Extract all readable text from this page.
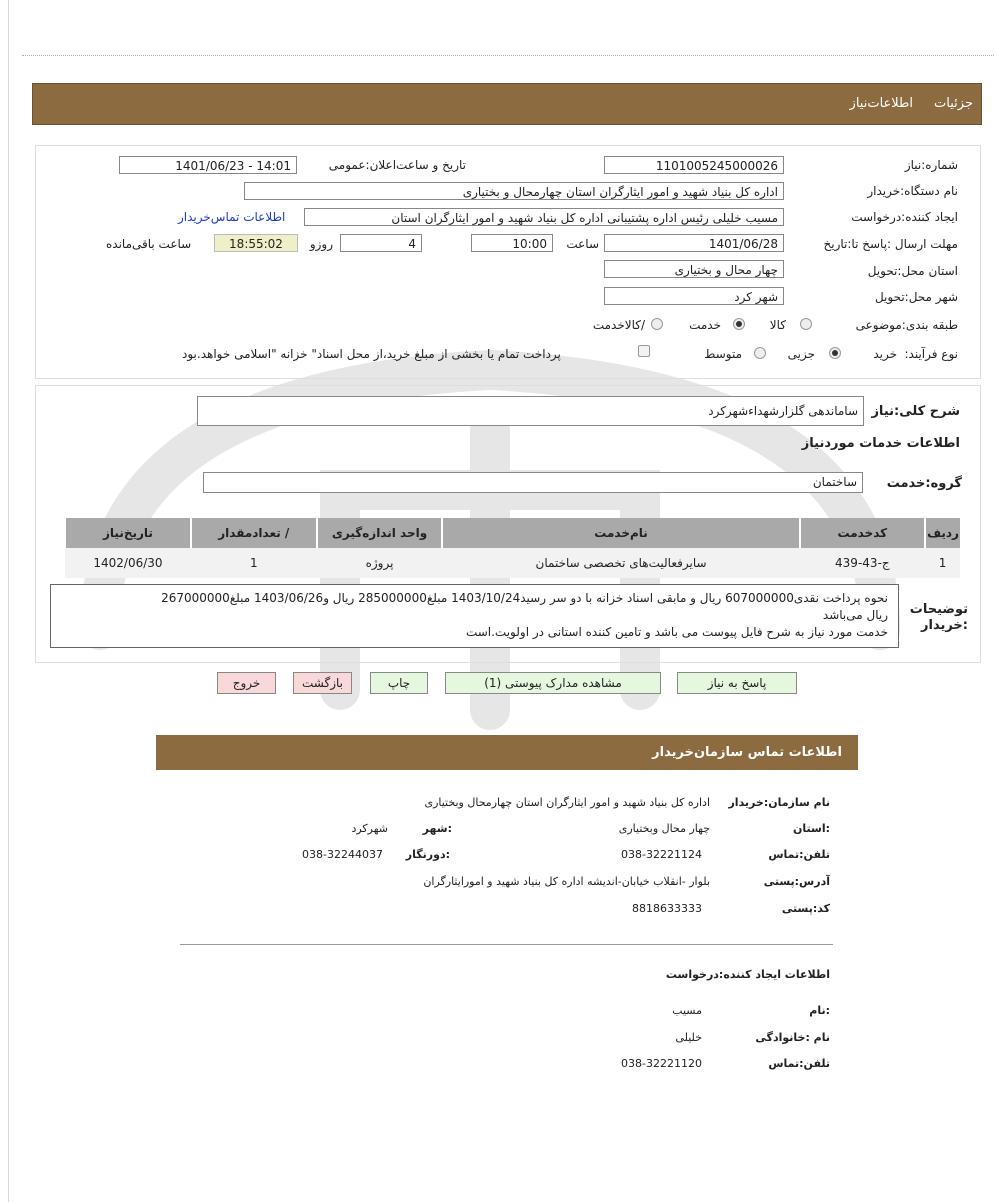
جزئیات
اطلاعات‌نیاز
شماره:نیاز
1101005245000026
تاریخ و ساعت‌اعلان:عمومی
1401/06/23 - 14:01
نام دستگاه:خریدار
اداره کل بنیاد شهید و امور ایثارگران استان چهارمحال و بختیاری
ایجاد کننده:درخواست
مسیب خلیلی رئیس اداره پشتیبانی اداره کل بنیاد شهید و امور ایثارگران استان
اطلاعات تماس‌خریدار
مهلت ارسال :پاسخ تا:تاریخ
1401/06/28
ساعت
10:00
4
روزو
18:55:02
ساعت باقی‌مانده
استان محل:تحویل
چهار محال و بختیاری
شهر محل:تحویل
شهر کرد
طبقه بندی:موضوعی
کالا
خدمت
/کالاخدمت
نوع فرآیند:
خرید
جزیی
متوسط
پرداخت تمام یا بخشی از مبلغ خرید،از محل اسناد" خزانه "اسلامی خواهد.بود
شرح کلی:نیاز
ساماندهی گلزارشهداءشهرکرد
اطلاعات خدمات موردنیاز
گروه:خدمت
ساختمان
ردیف	کدخدمت	نام‌خدمت	واحد اندازه‌گیری	/ تعدادمقدار	تاریخ‌نیاز
1	ج-43-439	سایرفعالیت‌های تخصصی ساختمان	پروژه	1	1402/06/30
توضیحات :خریدار
نحوه پرداخت نقدی607000000 ریال و مابقی اسناد خزانه با دو سر رسید1403/10/24 مبلغ285000000 ریال و1403/06/26 مبلغ267000000
ریال می‌باشد
خدمت مورد نیاز به شرح فایل پیوست می باشد و تامین کننده استانی در اولویت.است
پاسخ به نیاز
مشاهده مدارک پیوستی (1)
چاپ
بازگشت
خروج
اطلاعات تماس سازمان‌خریدار
نام سازمان:خریدار
اداره کل بنیاد شهید و امور ایثارگران استان چهارمحال وبختیاری
:استان
چهار محال وبختیاری
:شهر
شهرکرد
تلفن:تماس
038-32221124
:دورنگار
038-32244037
آدرس:پستی
بلوار -انقلاب خیابان-اندیشه اداره کل بنیاد شهید و امورایثارگران
کد:پستی
8818633333
اطلاعات ایجاد کننده:درخواست
:نام
مسیب
نام :خانوادگی
خلیلی
تلفن:تماس
038-32221120
